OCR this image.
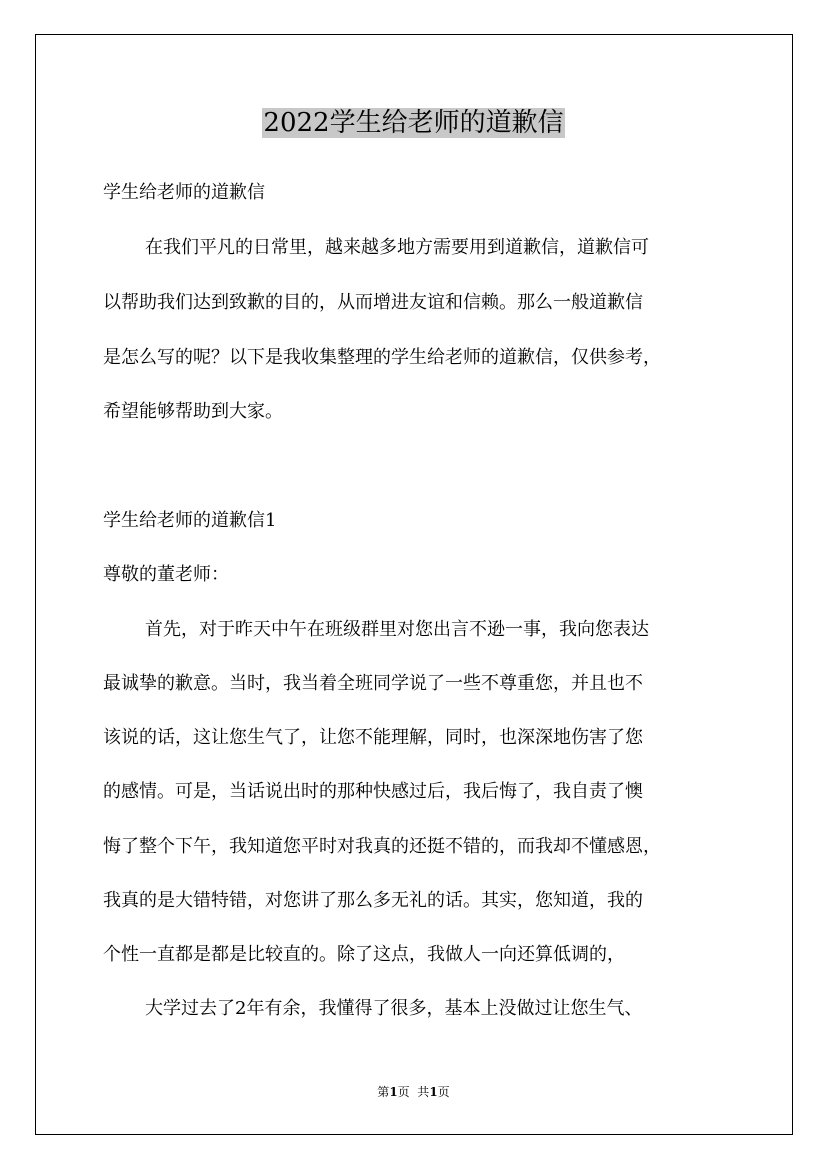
2022学生给老师的道歉信
学生给老师的道歉信
在我们平凡的日常里，越来越多地方需要用到道歉信，道歉信可
以帮助我们达到致歉的目的，从而增进友谊和信赖。那么一般道歉信
是怎么写的呢？以下是我收集整理的学生给老师的道歉信，仅供参考，
希望能够帮助到大家。
学生给老师的道歉信1
尊敬的董老师：
首先，对于昨天中午在班级群里对您出言不逊一事，我向您表达
最诚挚的歉意。当时，我当着全班同学说了一些不尊重您，并且也不
该说的话，这让您生气了，让您不能理解，同时，也深深地伤害了您
的感情。可是，当话说出时的那种快感过后，我后悔了，我自责了懊
悔了整个下午，我知道您平时对我真的还挺不错的，而我却不懂感恩，
我真的是大错特错，对您讲了那么多无礼的话。其实，您知道，我的
个性一直都是都是比较直的。除了这点，我做人一向还算低调的，
大学过去了2年有余，我懂得了很多，基本上没做过让您生气、
第1页  共1页
